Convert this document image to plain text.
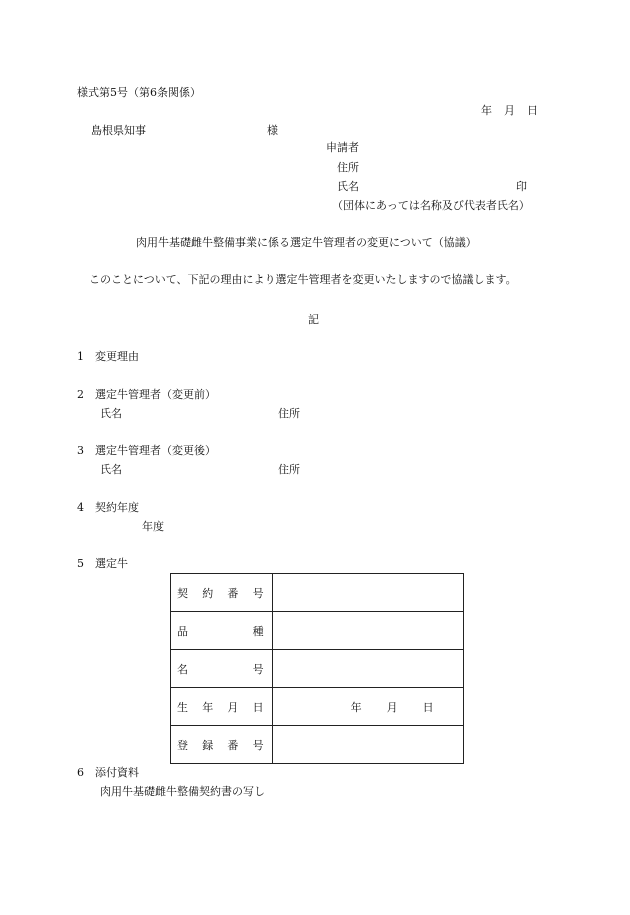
様式第5号（第6条関係）
年 月 日
島根県知事	様
申請者
住所
氏名	印
（団体にあっては名称及び代表者氏名）
肉用牛基礎雌牛整備事業に係る選定牛管理者の変更について（協議）
このことについて、下記の理由により選定牛管理者を変更いたしますので協議します。
記
1 変更理由
2 選定牛管理者（変更前）
氏名	住所
3 選定牛管理者（変更後）
氏名	住所
4 契約年度
年度
5 選定牛
契 約 番 号	

品 種	

名 号	

生 年 月 日	年 月 日

登 録 番 号	

6 添付資料
肉用牛基礎雌牛整備契約書の写し
